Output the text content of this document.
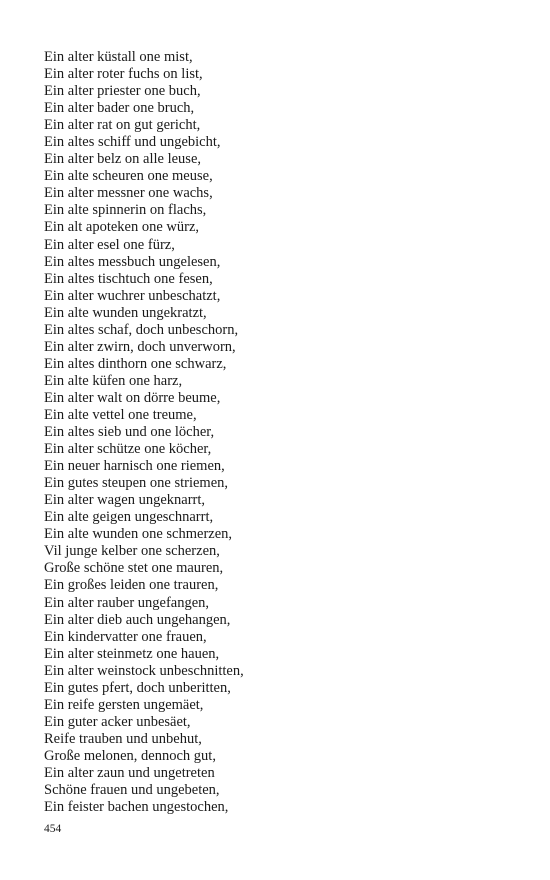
Ein alter küstall one mist,
Ein alter roter fuchs on list,
Ein alter priester one buch,
Ein alter bader one bruch,
Ein alter rat on gut gericht,
Ein altes schiff und ungebicht,
Ein alter belz on alle leuse,
Ein alte scheuren one meuse,
Ein alter messner one wachs,
Ein alte spinnerin on flachs,
Ein alt apoteken one würz,
Ein alter esel one fürz,
Ein altes messbuch ungelesen,
Ein altes tischtuch one fesen,
Ein alter wuchrer unbeschatzt,
Ein alte wunden ungekratzt,
Ein altes schaf, doch unbeschorn,
Ein alter zwirn, doch unverworn,
Ein altes dinthorn one schwarz,
Ein alte küfen one harz,
Ein alter walt on dörre beume,
Ein alte vettel one treume,
Ein altes sieb und one löcher,
Ein alter schütze one köcher,
Ein neuer harnisch one riemen,
Ein gutes steupen one striemen,
Ein alter wagen ungeknarrt,
Ein alte geigen ungeschnarrt,
Ein alte wunden one schmerzen,
Vil junge kelber one scherzen,
Große schöne stet one mauren,
Ein großes leiden one trauren,
Ein alter rauber ungefangen,
Ein alter dieb auch ungehangen,
Ein kindervatter one frauen,
Ein alter steinmetz one hauen,
Ein alter weinstock unbeschnitten,
Ein gutes pfert, doch unberitten,
Ein reife gersten ungemäet,
Ein guter acker unbesäet,
Reife trauben und unbehut,
Große melonen, dennoch gut,
Ein alter zaun und ungetreten
Schöne frauen und ungebeten,
Ein feister bachen ungestochen,
454
